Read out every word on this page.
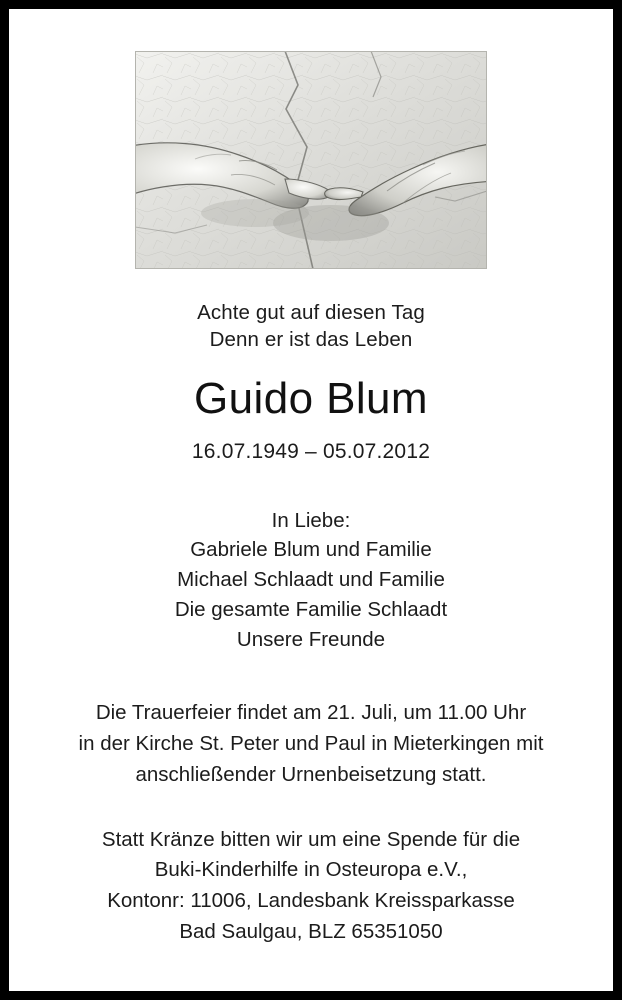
Achte gut auf diesen Tag
Denn er ist das Leben
Guido Blum
16.07.1949 – 05.07.2012
In Liebe:
Gabriele Blum und Familie
Michael Schlaadt und Familie
Die gesamte Familie Schlaadt
Unsere Freunde
Die Trauerfeier findet am 21. Juli, um 11.00 Uhr
in der Kirche St. Peter und Paul in Mieterkingen mit
anschließender Urnenbeisetzung statt.
Statt Kränze bitten wir um eine Spende für die
Buki-Kinderhilfe in Osteuropa e.V.,
Kontonr: 11006, Landesbank Kreissparkasse
Bad Saulgau, BLZ 65351050
